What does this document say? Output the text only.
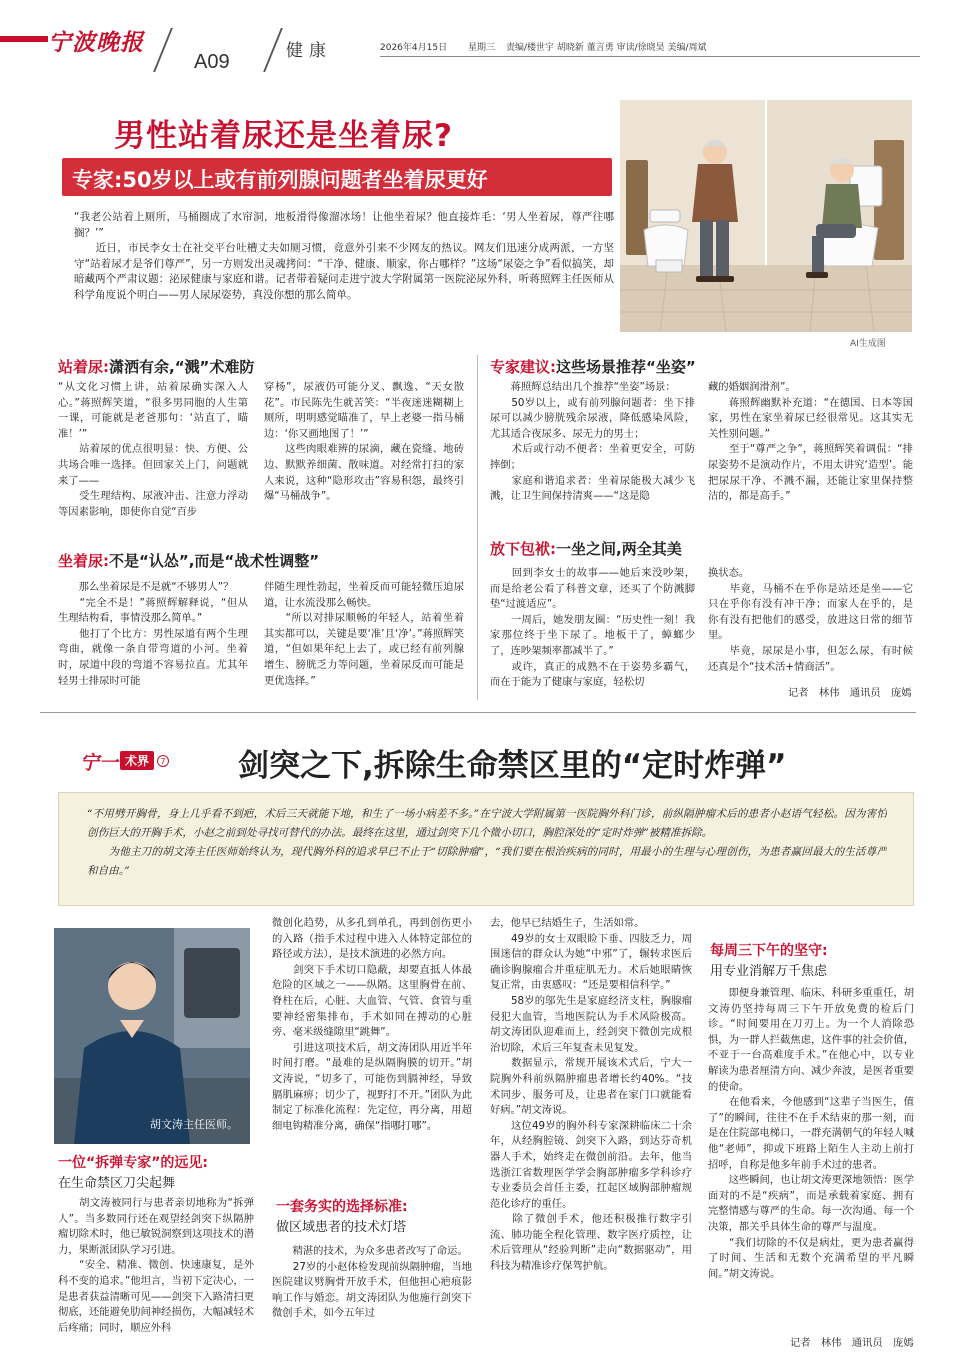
宁波晚报
A09	健康	2026年4月15日 星期三 责编/楼世宇 胡晓新 董言勇 审读/徐晓昊 美编/周斌
男性站着尿还是坐着尿?
专家:50岁以上或有前列腺问题者坐着尿更好
“我老公站着上厕所，马桶圈成了水帘洞，地板滑得像溜冰场！让他坐着尿？他直接炸毛：‘男人坐着尿，尊严往哪搁？’”
　　近日，市民李女士在社交平台吐槽丈夫如厕习惯，竟意外引来不少网友的热议。网友们迅速分成两派，一方坚守“站着尿才是爷们尊严”，另一方则发出灵魂拷问：“干净、健康、顺家，你占哪样？”这场“尿姿之争”看似搞笑，却暗藏两个严肃议题：泌尿健康与家庭和谐。记者带着疑问走进宁波大学附属第一医院泌尿外科，听蒋照辉主任医师从科学角度说个明白——男人尿尿姿势，真没你想的那么简单。
AI生成图
站着尿:潇洒有余,“溅”术难防
“从文化习惯上讲，站着尿确实深入人心。”蒋照辉笑道，“很多男同胞的人生第一课，可能就是老爸那句：‘站直了，瞄准！’”
　　站着尿的优点很明显：快、方便、公共场合唯一选择。但回家关上门，问题就来了——
　　受生理结构、尿液冲击、注意力浮动等因素影响，即使你自觉“百步
穿杨”，尿液仍可能分叉、飘逸、“天女散花”。市民陈先生就苦笑：“半夜迷迷糊糊上厕所，明明感觉瞄准了，早上老婆一指马桶边：‘你又画地图了！’”
　　这些肉眼难辨的尿滴，藏在瓷缝、地砖边、默默养细菌、散味道。对经常打扫的家人来说，这种“隐形攻击”容易积怨，最终引爆“马桶战争”。
坐着尿:不是“认怂”,而是“战术性调整”
　　那么坐着尿是不是就“不够男人”？
　　“完全不是！”蒋照辉解释说，“但从生理结构看，事情没那么简单。”
　　他打了个比方：男性尿道有两个生理弯曲，就像一条自带弯道的小河。坐着时，尿道中段的弯道不容易拉直。尤其年轻男士排尿时可能
伴随生理性勃起，坐着反而可能轻微压迫尿道，让水流没那么畅快。
　　“所以对排尿顺畅的年轻人，站着坐着其实都可以，关键是要‘准’且‘净’。”蒋照辉笑道，“但如果年纪上去了，或已经有前列腺增生、膀胱乏力等问题，坐着尿反而可能是更优选择。”
专家建议:这些场景推荐“坐姿”
　　蒋照辉总结出几个推荐“坐姿”场景：
　　50岁以上，或有前列腺问题者：坐下排尿可以减少膀胱残余尿液，降低感染风险，尤其适合夜尿多、尿无力的男士；
　　术后或行动不便者：坐着更安全，可防摔倒；
　　家庭和谐追求者：坐着尿能极大减少飞溅，让卫生间保持清爽——“这是隐
藏的婚姻润滑剂”。
　　蒋照辉幽默补充道：“在德国、日本等国家，男性在家坐着尿已经很常见。这其实无关性别问题。”
　　至于“尊严之争”，蒋照辉笑着调侃：“排尿姿势不是演动作片，不用太讲究‘造型’。能把尿尿干净、不溅不漏，还能让家里保持整洁的，都是高手。”
放下包袱:一坐之间,两全其美
　　回到李女士的故事——她后来没吵架，而是给老公看了科普文章，还买了个防溅脚垫“过渡适应”。
　　一周后，她发朋友圈：“历史性一刻！我家那位终于坐下尿了。地板干了，蟑螂少了，连吵架频率都减半了。”
　　或许，真正的成熟不在于姿势多霸气，而在于能为了健康与家庭，轻松切
换状态。
　　毕竟，马桶不在乎你是站还是坐——它只在乎你有没有冲干净；而家人在乎的，是你有没有把他们的感受，放进这日常的细节里。
　　毕竟，尿尿是小事，但怎么尿，有时候还真是个“技术活+情商活”。
记者　林伟　通讯员　庞嫣
宁一 术界 7 剑突之下,拆除生命禁区里的“定时炸弹”
“不用劈开胸骨，身上几乎看不到疤，术后三天就能下地，和生了一场小病差不多。”在宁波大学附属第一医院胸外科门诊，前纵隔肿瘤术后的患者小赵语气轻松。因为害怕创伤巨大的开胸手术，小赵之前到处寻找可替代的办法。最终在这里，通过剑突下几个微小切口，胸腔深处的“定时炸弹”被精准拆除。
　　为他主刀的胡文涛主任医师始终认为，现代胸外科的追求早已不止于“切除肿瘤”，“我们要在根治疾病的同时，用最小的生理与心理创伤，为患者赢回最大的生活尊严和自由。”
胡文涛主任医师。
一位“拆弹专家”的远见:
在生命禁区刀尖起舞
　　胡文涛被同行与患者亲切地称为“拆弹人”。当多数同行还在观望经剑突下纵隔肿瘤切除术时，他已敏锐洞察到这项技术的潜力，果断派团队学习引进。
　　“安全、精准、微创、快速康复，是外科不变的追求。”他坦言，当初下定决心，一是患者获益清晰可见——剑突下入路清扫更彻底，还能避免肋间神经损伤，大幅减轻术后疼痛；同时，顺应外科
微创化趋势，从多孔到单孔，再到创伤更小的入路（指手术过程中进入人体特定部位的路径或方法），是技术演进的必然方向。
　　剑突下手术切口隐蔽，却要直抵人体最危险的区域之一——纵隔。这里胸骨在前、脊柱在后，心脏、大血管、气管、食管与重要神经密集排布，手术如同在搏动的心脏旁、毫米级缝隙里“跳舞”。
　　引进这项技术后，胡文涛团队用近半年时间打磨。“最难的是纵隔胸膜的切开。”胡文涛说，“切多了，可能伤到膈神经，导致膈肌麻痹；切少了，视野打不开。”团队为此制定了标准化流程：先定位，再分离，用超细电钩精准分离，确保“指哪打哪”。
一套务实的选择标准:
做区域患者的技术灯塔
　　精湛的技术，为众多患者改写了命运。
　　27岁的小赵体检发现前纵隔肿瘤，当地医院建议劈胸骨开放手术，但他担心疤痕影响工作与婚恋。胡文涛团队为他施行剑突下微创手术，如今五年过
去，他早已结婚生子，生活如常。
　　49岁的女士双眼睑下垂、四肢乏力，周围迷信的群众认为她“中邪”了，辗转求医后确诊胸腺瘤合并重症肌无力。术后她眼睛恢复正常，由衷感叹：“还是要相信科学。”
　　58岁的邬先生是家庭经济支柱，胸腺瘤侵犯大血管，当地医院认为手术风险极高。胡文涛团队迎难而上，经剑突下微创完成根治切除，术后三年复查未见复发。
　　数据显示，常规开展该术式后，宁大一院胸外科前纵隔肿瘤患者增长约40%。“技术同步、服务可及，让患者在家门口就能看好病。”胡文涛说。
　　这位49岁的胸外科专家深耕临床二十余年，从经胸腔镜、剑突下入路，到达芬奇机器人手术，始终走在微创前沿。去年，他当选浙江省数理医学学会胸部肿瘤多学科诊疗专业委员会首任主委，扛起区域胸部肿瘤规范化诊疗的重任。
　　除了微创手术，他还积极推行数字引流、肺功能全程化管理、数字医疗质控，让术后管理从“经验判断”走向“数据驱动”，用科技为精准诊疗保驾护航。
每周三下午的坚守:
用专业消解万千焦虑
　　即便身兼管理、临床、科研多重重任，胡文涛仍坚持每周三下午开放免费的检后门诊。“时间要用在刀刃上。为一个人消除恐惧，为一群人拦截焦虑，这件事的社会价值，不亚于一台高难度手术。”在他心中，以专业解读为患者厘清方向、减少奔波，是医者重要的使命。
　　在他看来，今他感到“这辈子当医生，值了”的瞬间，往往不在手术结束的那一刻，而是在住院部电梯口，一群充满朝气的年轻人喊他“老师”，抑或下班路上陌生人主动上前打招呼，自称是他多年前手术过的患者。
　　这些瞬间，也让胡文涛更深地领悟：医学面对的不是“疾病”，而是承载着家庭、拥有完整情感与尊严的生命。每一次沟通、每一个决策，都关乎具体生命的尊严与温度。
　　“我们切除的不仅是病灶，更为患者赢得了时间、生活和无数个充满希望的平凡瞬间。”胡文涛说。
记者　林伟　通讯员　庞嫣
